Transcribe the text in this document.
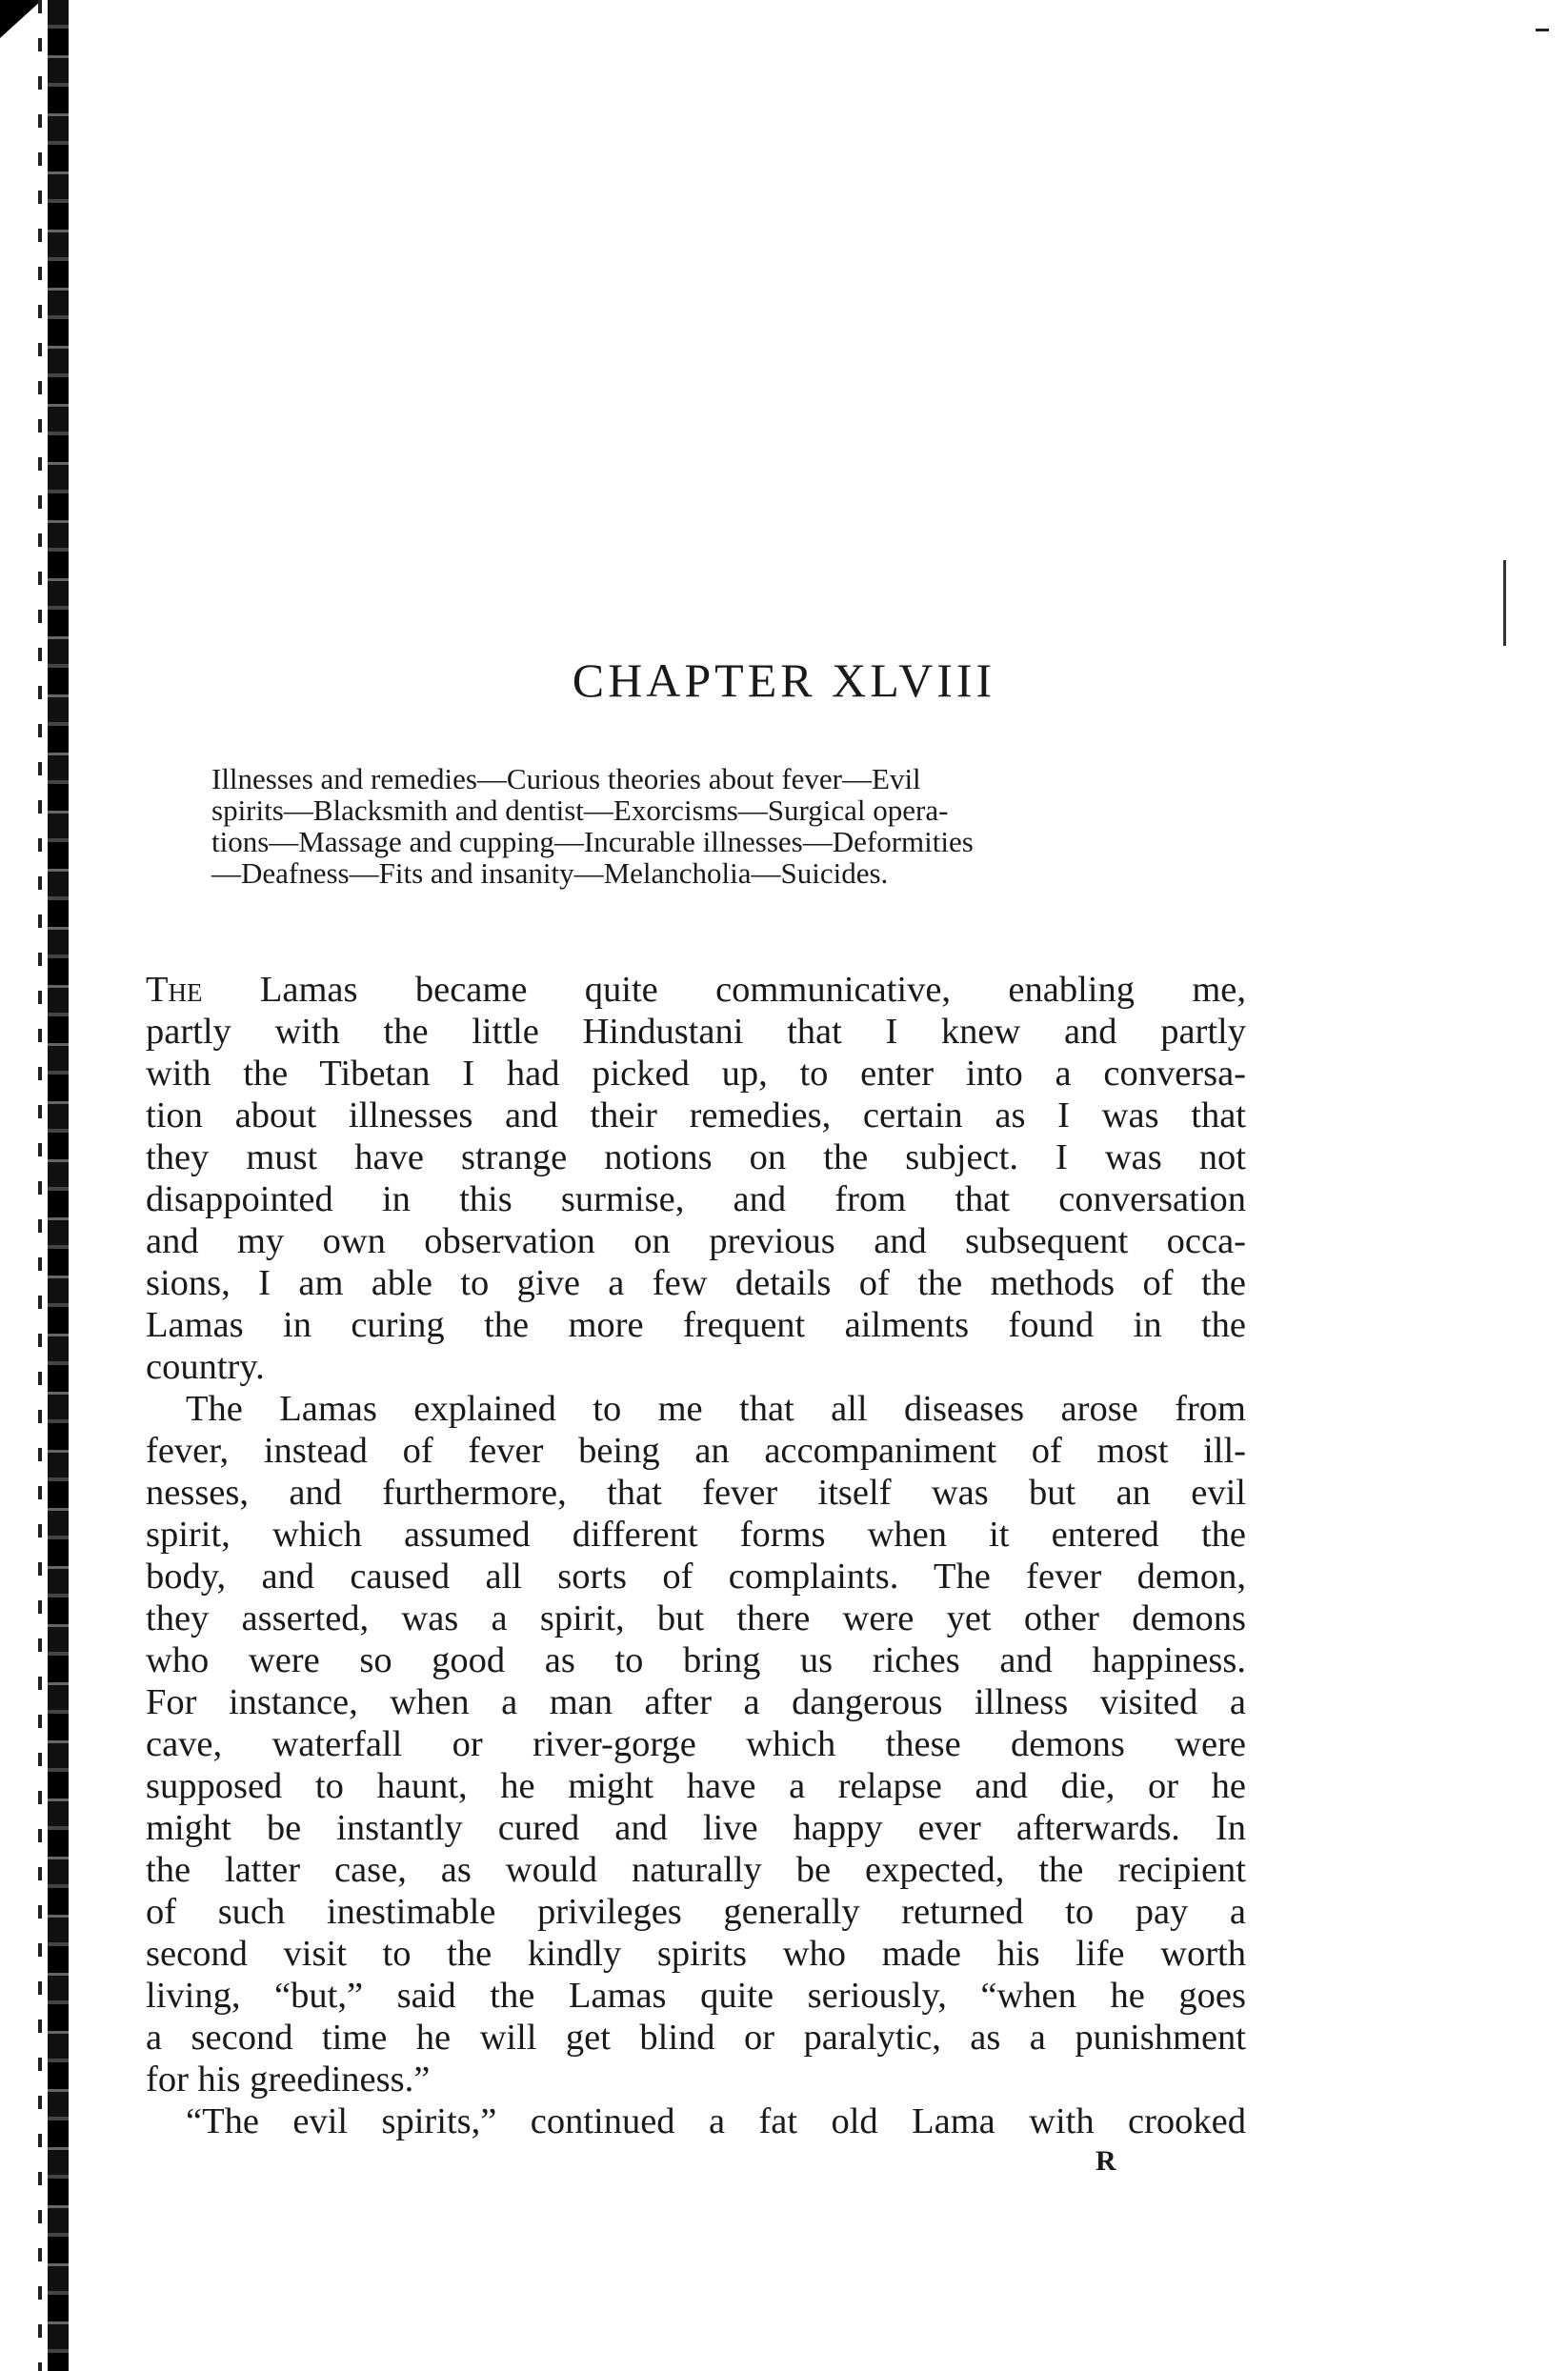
CHAPTER XLVIII
Illnesses and remedies—Curious theories about fever—Evil
spirits—Blacksmith and dentist—Exorcisms—Surgical opera-
tions—Massage and cupping—Incurable illnesses—Deformities
—Deafness—Fits and insanity—Melancholia—Suicides.
The Lamas became quite communicative, enabling me,
partly with the little Hindustani that I knew and partly
with the Tibetan I had picked up, to enter into a conversa-
tion about illnesses and their remedies, certain as I was that
they must have strange notions on the subject. I was not
disappointed in this surmise, and from that conversation
and my own observation on previous and subsequent occa-
sions, I am able to give a few details of the methods of the
Lamas in curing the more frequent ailments found in the
country.
The Lamas explained to me that all diseases arose from
fever, instead of fever being an accompaniment of most ill-
nesses, and furthermore, that fever itself was but an evil
spirit, which assumed different forms when it entered the
body, and caused all sorts of complaints. The fever demon,
they asserted, was a spirit, but there were yet other demons
who were so good as to bring us riches and happiness.
For instance, when a man after a dangerous illness visited a
cave, waterfall or river-gorge which these demons were
supposed to haunt, he might have a relapse and die, or he
might be instantly cured and live happy ever afterwards. In
the latter case, as would naturally be expected, the recipient
of such inestimable privileges generally returned to pay a
second visit to the kindly spirits who made his life worth
living, “but,” said the Lamas quite seriously, “when he goes
a second time he will get blind or paralytic, as a punishment
for his greediness.”
“The evil spirits,” continued a fat old Lama with crooked
R
